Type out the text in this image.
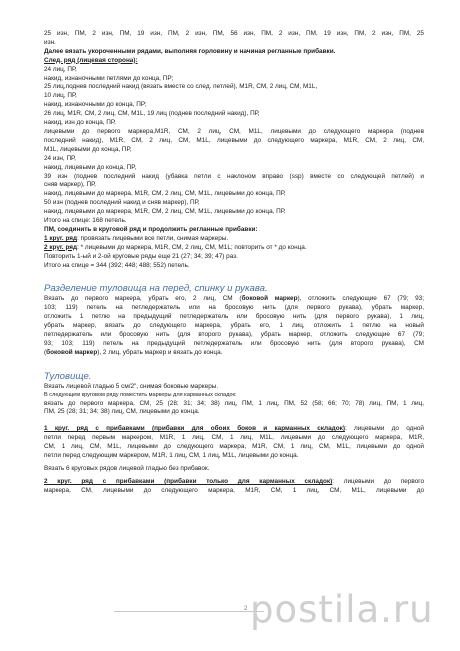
25 изн, ПМ, 2 изн, ПМ, 19 изн, ПМ, 2 изн, ПМ, 56 изн, ПМ, 2 изн, ПМ, 19 изн, ПМ, 2 изн, ПМ, 25
изн.
Далее вязать укороченными рядами, выполняя горловину и начиная регланные прибавки.
След. ряд (лицевая сторона):
24 лиц, ПР,
накид, изнаночными петлями до конца, ПР;
25 лиц,поднев последний накид (вязать вместе со след. петлей), M1R, СМ, 2 лиц, СМ, M1L,
10 лиц, ПР,
накид, изнаночными до конца, ПР;
26 лиц, M1R, СМ, 2 лиц, СМ, M1L, 19 лиц (поднев последний накид), ПР,
накид, изн до конца, ПР,
лицевыми до первого маркера,M1R, СМ, 2 лиц, СМ, M1L, лицевыми до следующего маркера (поднев
последний накид), M1R, СМ, 2 лиц, СМ, M1L, лицевыми до следующего маркера, M1R, СМ, 2 лиц, СМ,
M1L, лицевыми до конца, ПР,
24 изн, ПР,
накид, лицевыми до конца, ПР,
39 изн (поднев последний накид (убавка петли с наклоном вправо (ssp) вместе со следующей петлей) и
сняв маркер), ПР,
накид, лицевыми до маркера, M1R, СМ, 2 лиц, СМ, M1L, лицевыми до конца, ПР,
50 изн (поднев последний накид и сняв маркер), ПР,
накид, лицевыми до маркера, M1R, СМ, 2 лиц, СМ, M1L, лицевыми до конца, ПР,
Итого на спице: 168 петель.
ПМ, соединить в круговой ряд и продолжить регланные прибавки:
1 круг. ряд: провязать лицевыми все петли, снимая маркеры.
2 круг. ряд: * лицевыми до маркера, M1R, СМ, 2 лиц, СМ, M1L; повторить от * до конца.
Повторить 1-ый и 2-ой круговые ряды еще 21 (27; 34; 39; 47) раз.
Итого на спице = 344 (392; 448; 488; 552) петель.
Разделение туловища на перед, спинку и рукава.
Вязать до первого маркера, убрать его, 2 лиц, СМ (боковой маркер), отложить следующие 67 (79; 93;
103; 119) петель на петледержатель или на бросовую нить (для первого рукава), убрать маркер,
отложить 1 петлю на предыдущий петледержатель или бросовую нить (для первого рукава), 1 лиц,
убрать маркер, вязать до следующего маркера, убрать его, 1 лиц, отложить 1 петлю на новый
петледержатель или бросовую нить (для второго рукава), убрать маркер, отложить следующие 67 (79;
93; 103; 119) петель на предыдущий петледержатель или бросовую нить (для второго рукава), СМ
(боковой маркер), 2 лиц, убрать маркер и вязать до конца.
Туловище.
Вязать лицевой гладью 5 см/2", снимая боковые маркеры.
В следующем круговом ряду поместить маркеры для карманных складок:
вязать до первого маркера, СМ, 25 (28; 31; 34; 38) лиц, ПМ, 1 лиц, ПМ, 52 (58; 66; 70; 78) лиц, ПМ, 1 лиц,
ПМ, 25 (28; 31; 34; 38) лиц, СМ, лицевыми до конца.
1 круг. ряд с прибавками (прибавки для обоих боков и карманных складок): лицевыми до одной
петли перед первым маркером, M1R, 1 лиц, СМ, 1 лиц, M1L, лицевыми до следующего маркера, M1R,
СМ, 1 лиц, СМ, M1L, лицевыми до следующего маркера, M1R, СМ, 1 лиц, СМ, M1L, лицевыми до одной
петли перед следующим маркером, M1R, 1 лиц, СМ, 1 лиц, M1L, лицевыми до конца.
Вязать 6 круговых рядов лицевой гладью без прибавок.
2 круг. ряд с прибавками (прибавки только для карманных складок): лицевыми до первого
маркера, СМ, лицевыми до следующего маркера, M1R, СМ, 1 лиц, СМ, M1L, лицевыми до
2 postila.ru
